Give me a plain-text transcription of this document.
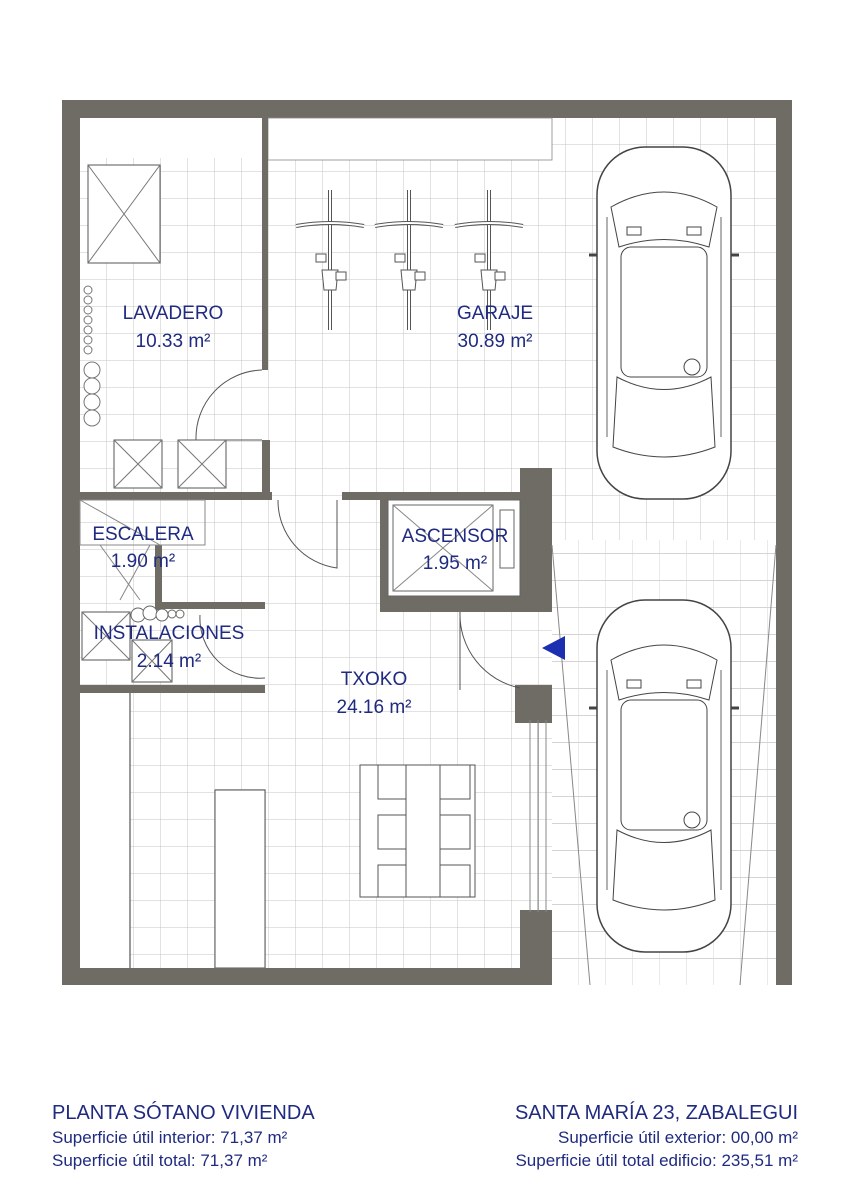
LAVADERO
10.33 m²
GARAJE
30.89 m²
ESCALERA
1.90 m²
ASCENSOR
1.95 m²
INSTALACIONES
2.14 m²
TXOKO
24.16 m²
PLANTA SÓTANO VIVIENDA
Superficie útil interior: 71,37 m²
Superficie útil total: 71,37 m²
SANTA MARÍA 23, ZABALEGUI
Superficie útil exterior: 00,00 m²
Superficie útil total edificio: 235,51 m²
